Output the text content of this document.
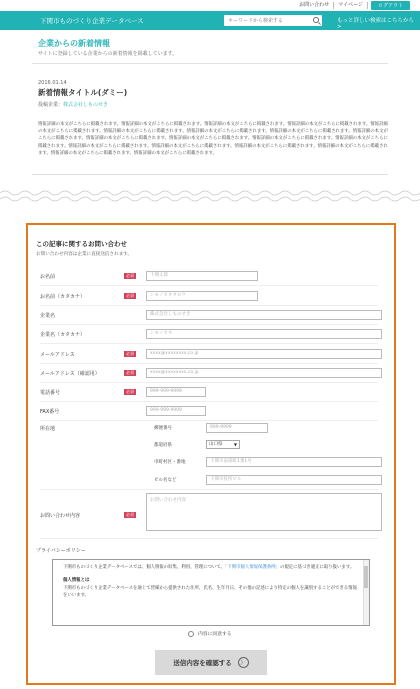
お問い合わせ	マイページ	ログアウト
下関市ものづくり企業データベース
キーワードから検索する	もっと詳しい検索はこちらから >
企業からの新着情報
サイトに登録している企業からの新着情報を掲載しています。
2016.01.14
新着情報タイトル(ダミー)
投稿企業：株式会社しものせき
情報詳細の本文がこちらに掲載されます。情報詳細の本文がこちらに掲載されます。情報詳細の本文がこちらに掲載されます。情報詳細の本文がこちらに掲載されます。情報詳細の本文がこちらに掲載されます。情報詳細の本文がこちらに掲載されます。情報詳細の本文がこちらに掲載されます。情報詳細の本文がこちらに掲載されます。情報詳細の本文がこちらに掲載されます。情報詳細の本文がこちらに掲載されます。情報詳細の本文がこちらに掲載されます。情報詳細の本文がこちらに掲載されます。情報詳細の本文がこちらに掲載されます。情報詳細の本文がこちらに掲載されます。情報詳細の本文がこちらに掲載されます。情報詳細の本文がこちらに掲載されます。情報詳細の本文がこちらに掲載されます。情報詳細の本文がこちらに掲載されます。情報詳細の本文がこちらに掲載されます。
この記事に関するお問い合わせ
お問い合わせ内容は企業に直接送信されます。
お名前	必須	下関太郎
お名前（カタカナ）	必須	シモノセキタロウ
企業名	株式会社しものせき
企業名（カタカナ）	シモノセキ
メールアドレス	必須	xxxx@xxxxxxxx.co.jp
メールアドレス（確認用）	必須	xxxx@xxxxxxxx.co.jp
電話番号	必須	999-999-9999
FAX番号	999-999-9999
所在地	郵便番号	999-9999
都道府県	山口県	▼
市町村区・番地	下関市南部町1番1号
ビル名など	下関市役所ビル
お問い合わせ内容	必須
お問い合わせ内容
プライバシーポリシー

下関市ものづくり企業データベースでは、個人情報の収集、利用、管理について、「下関市個人情報保護条例」の規定に基づき適正に取り扱います。

個人情報とは

下関市ものづくり企業データベースを通じて皆様から提供された住所、氏名、生年月日、その他の記述により特定の個人を識別することができる情報をいいます。

内容に同意する
送信内容を確認する	〉
